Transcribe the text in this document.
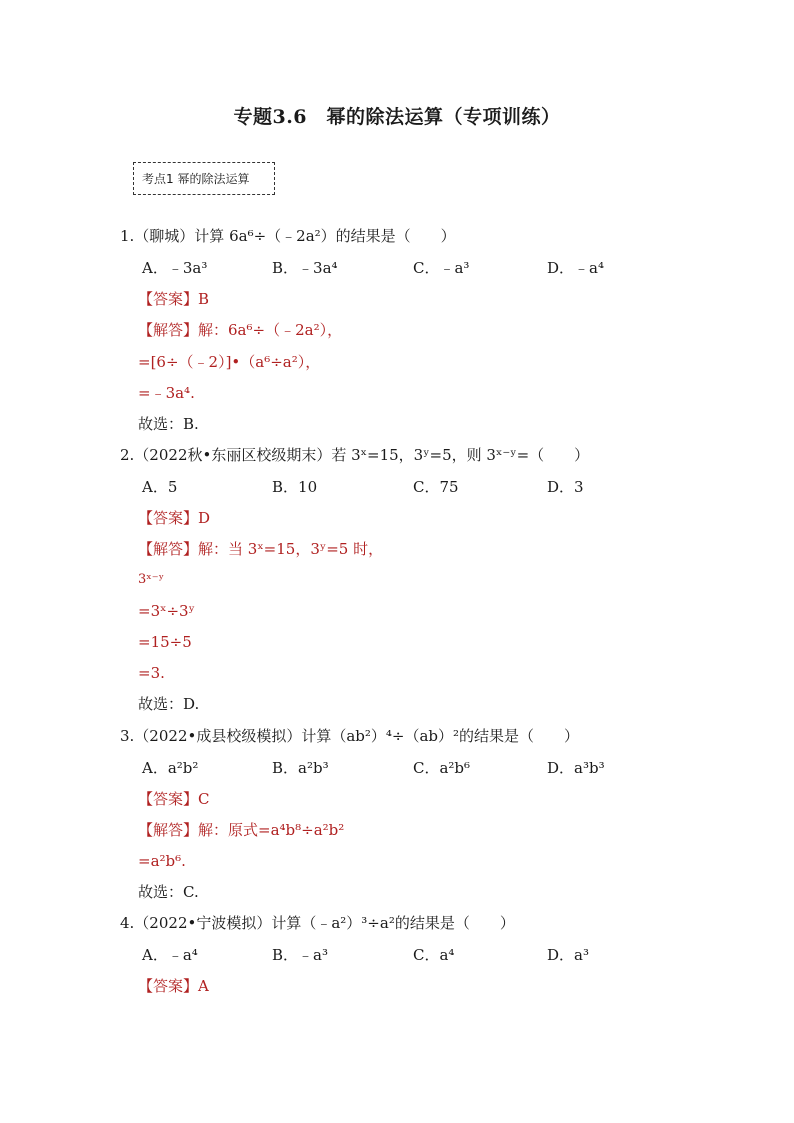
专题3.6　幂的除法运算（专项训练）
考点1 幂的除法运算
1.（聊城）计算 6a⁶÷（﹣2a²）的结果是（　　）
A．﹣3a³	B．﹣3a⁴	C．﹣a³	D．﹣a⁴
【答案】B
【解答】解：6a⁶÷（﹣2a²），
=[6÷（﹣2）]•（a⁶÷a²），
=﹣3a⁴.
故选：B.
2.（2022秋•东丽区校级期末）若 3ˣ=15，3ʸ=5，则 3ˣ⁻ʸ=（　　）
A．5	B．10	C．75	D．3
【答案】D
【解答】解：当 3ˣ=15，3ʸ=5 时，
3ˣ⁻ʸ
=3ˣ÷3ʸ
=15÷5
=3.
故选：D.
3.（2022•成县校级模拟）计算（ab²）⁴÷（ab）²的结果是（　　）
A．a²b²	B．a²b³	C．a²b⁶	D．a³b³
【答案】C
【解答】解：原式=a⁴b⁸÷a²b²
=a²b⁶.
故选：C.
4.（2022•宁波模拟）计算（﹣a²）³÷a²的结果是（　　）
A．﹣a⁴	B．﹣a³	C．a⁴	D．a³
【答案】A
